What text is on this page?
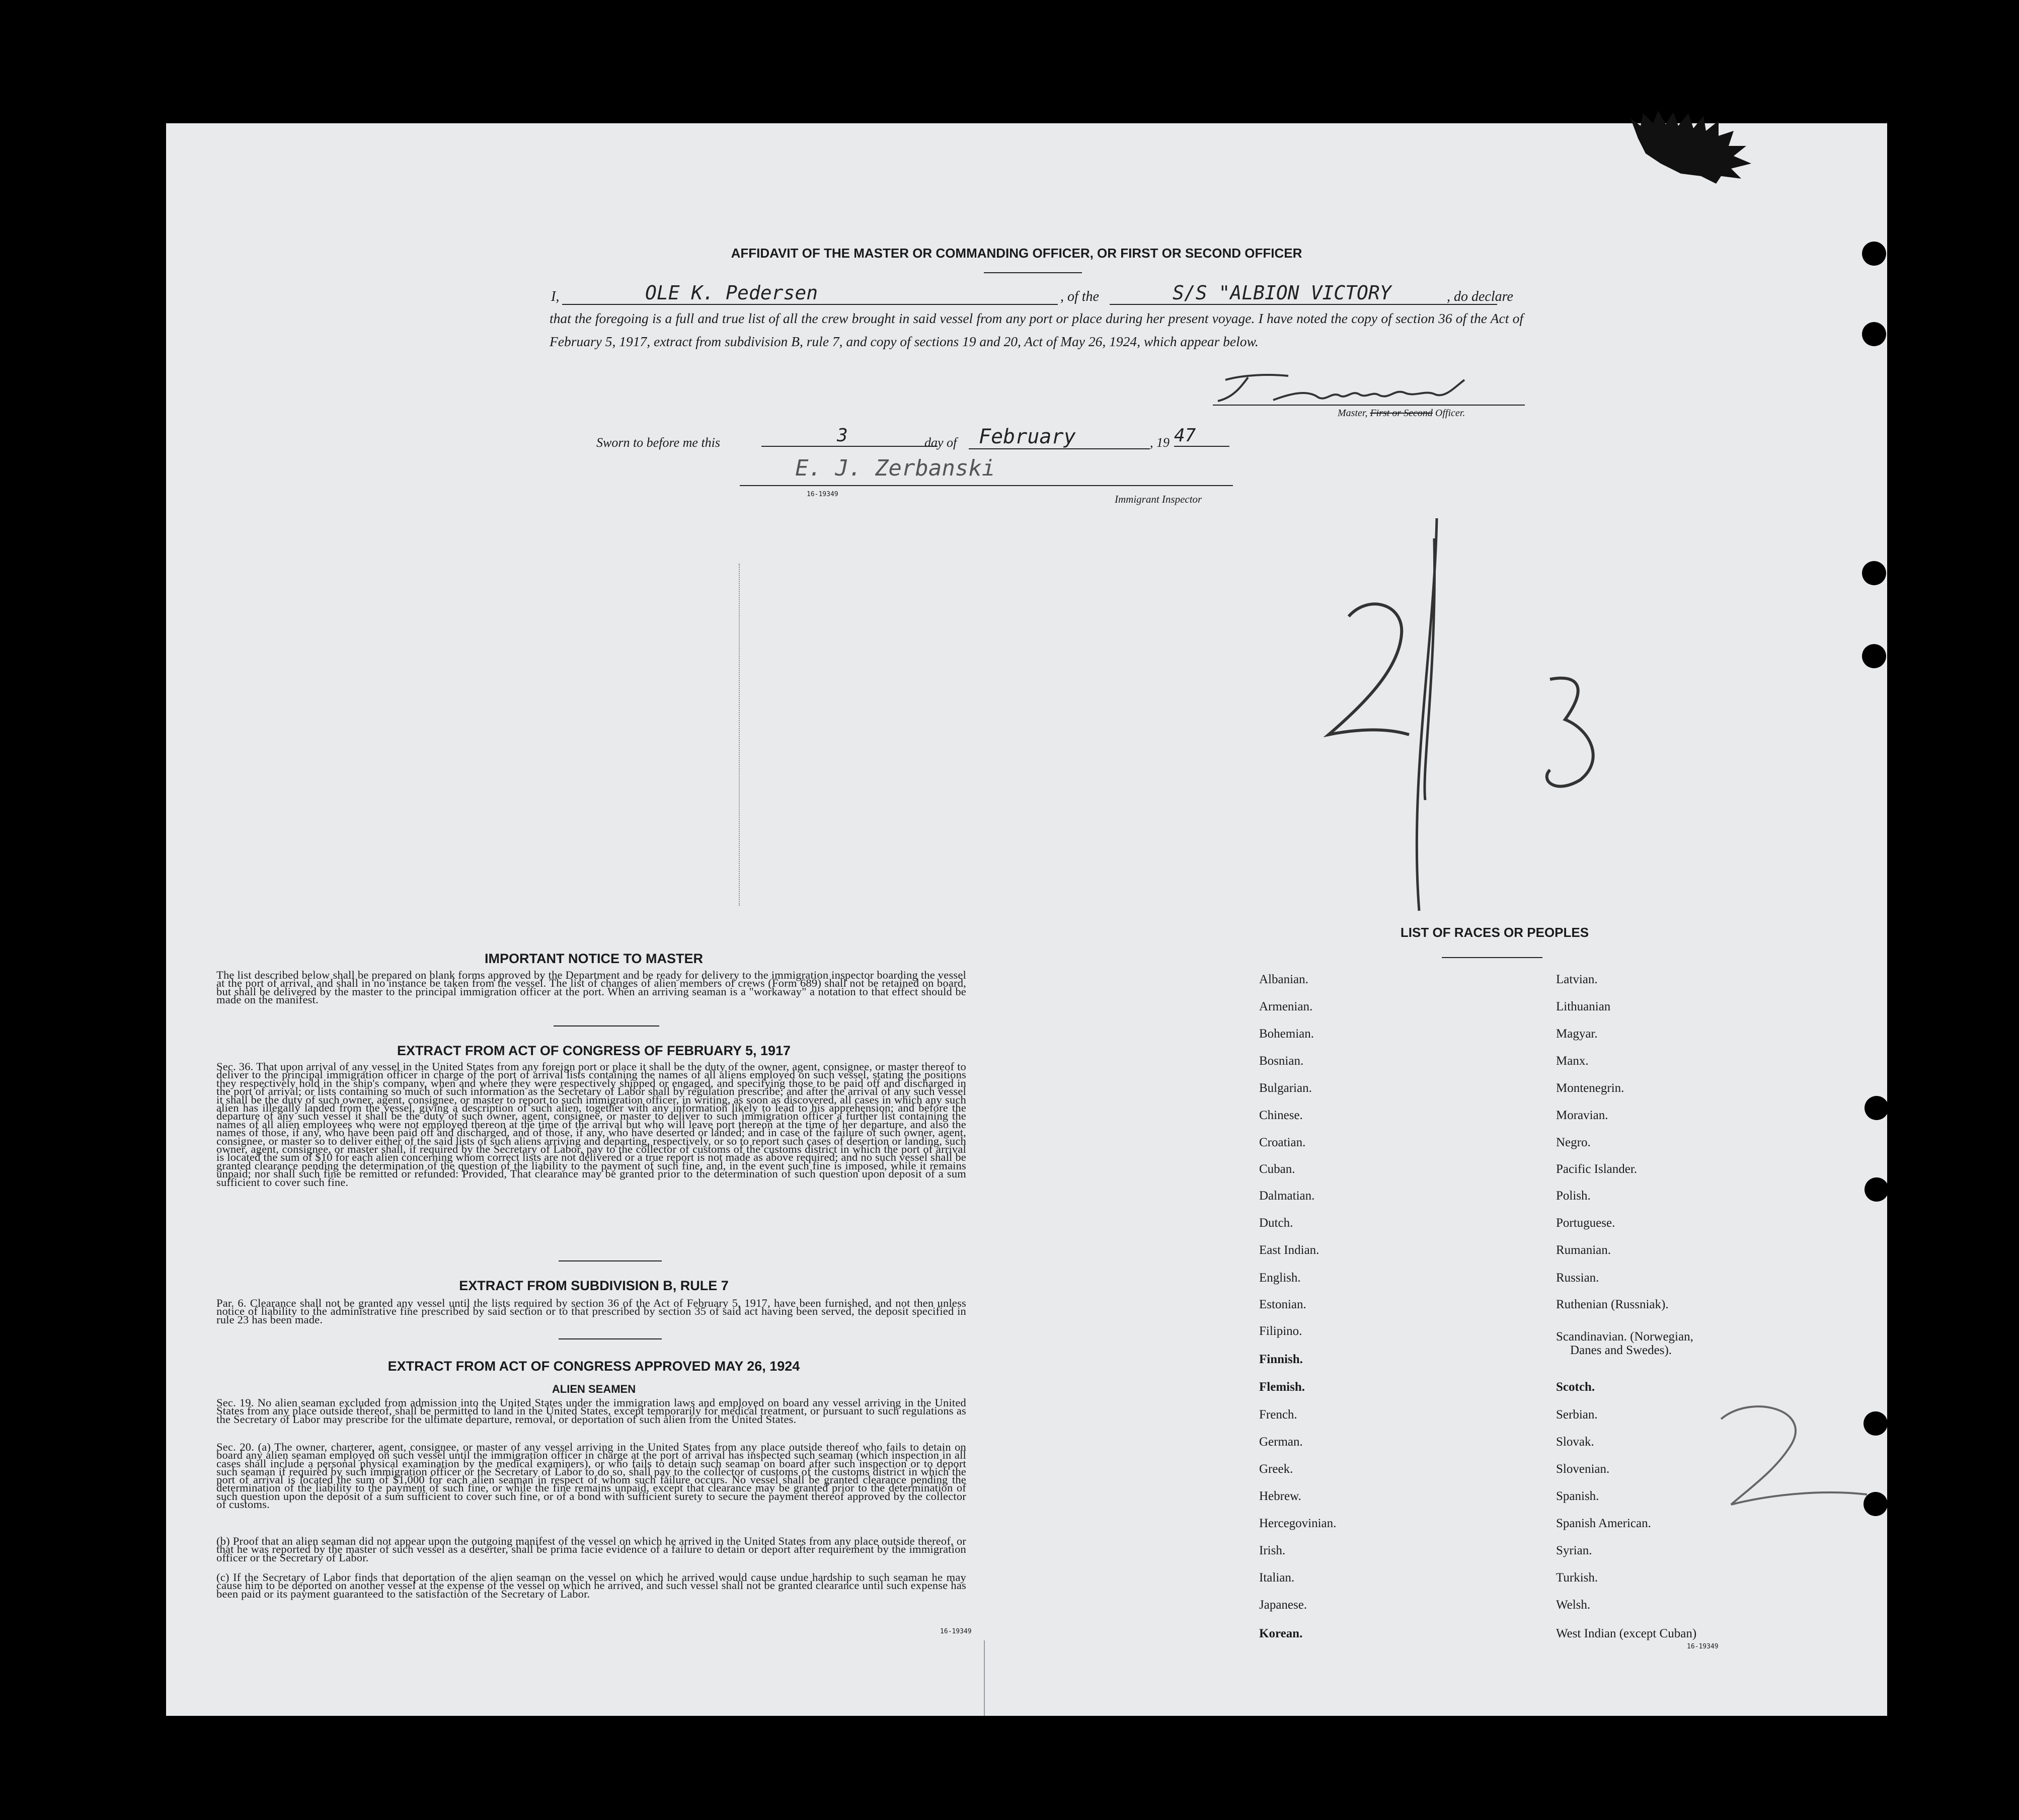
AFFIDAVIT OF THE MASTER OR COMMANDING OFFICER, OR FIRST OR SECOND OFFICER
I,	OLE K. Pedersen	, of the	S/S "ALBION VICTORY	, do declare
that the foregoing is a full and true list of all the crew brought in said vessel from any port or place during her present voyage. I have noted the copy of section 36 of the Act of February 5, 1917, extract from subdivision B, rule 7, and copy of sections 19 and 20, Act of May 26, 1924, which appear below.
Master, First or Second Officer.
Sworn to before me this	3	day of	February	, 19 47
E. J. Zerbanski
16-19349	Immigrant Inspector
IMPORTANT NOTICE TO MASTER
The list described below shall be prepared on blank forms approved by the Department and be ready for delivery to the immigration inspector boarding the vessel at the port of arrival, and shall in no instance be taken from the vessel. The list of changes of alien members of crews (Form 689) shall not be retained on board, but shall be delivered by the master to the principal immigration officer at the port. When an arriving seaman is a "workaway" a notation to that effect should be made on the manifest.
EXTRACT FROM ACT OF CONGRESS OF FEBRUARY 5, 1917
Sec. 36. That upon arrival of any vessel in the United States from any foreign port or place it shall be the duty of the owner, agent, consignee, or master thereof to deliver to the principal immigration officer in charge of the port of arrival lists containing the names of all aliens employed on such vessel, stating the positions they respectively hold in the ship's company, when and where they were respectively shipped or engaged, and specifying those to be paid off and discharged in the port of arrival; or lists containing so much of such information as the Secretary of Labor shall by regulation prescribe; and after the arrival of any such vessel it shall be the duty of such owner, agent, consignee, or master to report to such immigration officer, in writing, as soon as discovered, all cases in which any such alien has illegally landed from the vessel, giving a description of such alien, together with any information likely to lead to his apprehension; and before the departure of any such vessel it shall be the duty of such owner, agent, consignee, or master to deliver to such immigration officer a further list containing the names of all alien employees who were not employed thereon at the time of the arrival but who will leave port thereon at the time of her departure, and also the names of those, if any, who have been paid off and discharged, and of those, if any, who have deserted or landed; and in case of the failure of such owner, agent, consignee, or master so to deliver either of the said lists of such aliens arriving and departing, respectively, or so to report such cases of desertion or landing, such owner, agent, consignee, or master shall, if required by the Secretary of Labor, pay to the collector of customs of the customs district in which the port of arrival is located the sum of $10 for each alien concerning whom correct lists are not delivered or a true report is not made as above required; and no such vessel shall be granted clearance pending the determination of the question of the liability to the payment of such fine, and, in the event such fine is imposed, while it remains unpaid; nor shall such fine be remitted or refunded: Provided, That clearance may be granted prior to the determination of such question upon deposit of a sum sufficient to cover such fine.
EXTRACT FROM SUBDIVISION B, RULE 7
Par. 6. Clearance shall not be granted any vessel until the lists required by section 36 of the Act of February 5, 1917, have been furnished, and not then unless notice of liability to the administrative fine prescribed by said section or to that prescribed by section 35 of said act having been served, the deposit specified in rule 23 has been made.
EXTRACT FROM ACT OF CONGRESS APPROVED MAY 26, 1924
ALIEN SEAMEN
Sec. 19. No alien seaman excluded from admission into the United States under the immigration laws and employed on board any vessel arriving in the United States from any place outside thereof, shall be permitted to land in the United States, except temporarily for medical treatment, or pursuant to such regulations as the Secretary of Labor may prescribe for the ultimate departure, removal, or deportation of such alien from the United States.
Sec. 20. (a) The owner, charterer, agent, consignee, or master of any vessel arriving in the United States from any place outside thereof who fails to detain on board any alien seaman employed on such vessel until the immigration officer in charge at the port of arrival has inspected such seaman (which inspection in all cases shall include a personal physical examination by the medical examiners), or who fails to detain such seaman on board after such inspection or to deport such seaman if required by such immigration officer or the Secretary of Labor to do so, shall pay to the collector of customs of the customs district in which the port of arrival is located the sum of $1,000 for each alien seaman in respect of whom such failure occurs. No vessel shall be granted clearance pending the determination of the liability to the payment of such fine, or while the fine remains unpaid, except that clearance may be granted prior to the determination of such question upon the deposit of a sum sufficient to cover such fine, or of a bond with sufficient surety to secure the payment thereof approved by the collector of customs.
(b) Proof that an alien seaman did not appear upon the outgoing manifest of the vessel on which he arrived in the United States from any place outside thereof, or that he was reported by the master of such vessel as a deserter, shall be prima facie evidence of a failure to detain or deport after requirement by the immigration officer or the Secretary of Labor.
(c) If the Secretary of Labor finds that deportation of the alien seaman on the vessel on which he arrived would cause undue hardship to such seaman he may cause him to be deported on another vessel at the expense of the vessel on which he arrived, and such vessel shall not be granted clearance until such expense has been paid or its payment guaranteed to the satisfaction of the Secretary of Labor.
16-19349
LIST OF RACES OR PEOPLES
Albanian.
Armenian.
Bohemian.
Bosnian.
Bulgarian.
Chinese.
Croatian.
Cuban.
Dalmatian.
Dutch.
East Indian.
English.
Estonian.
Filipino.
Finnish.
Flemish.
French.
German.
Greek.
Hebrew.
Hercegovinian.
Irish.
Italian.
Japanese.
Korean.
Latvian.
Lithuanian
Magyar.
Manx.
Montenegrin.
Moravian.
Negro.
Pacific Islander.
Polish.
Portuguese.
Rumanian.
Russian.
Ruthenian (Russniak).
Scandinavian. (Norwegian,
Danes and Swedes).
Scotch.
Serbian.
Slovak.
Slovenian.
Spanish.
Spanish American.
Syrian.
Turkish.
Welsh.
West Indian (except Cuban)
16-19349
